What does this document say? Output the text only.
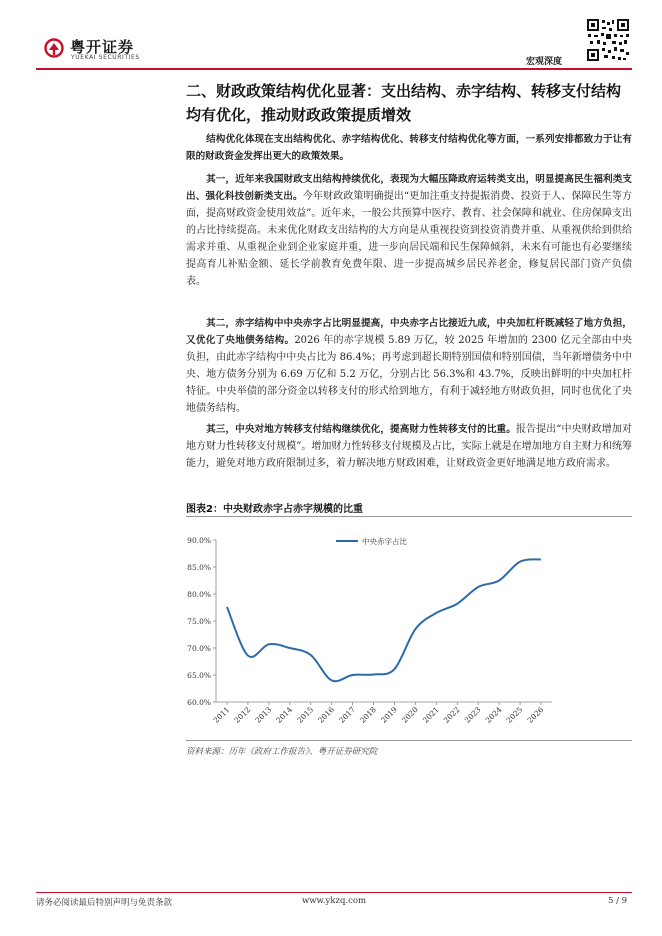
粤开证券
YUEKAI SECURITIES	宏观深度
二、财政政策结构优化显著：支出结构、赤字结构、转移支付结构均有优化，推动财政政策提质增效
结构优化体现在支出结构优化、赤字结构优化、转移支付结构优化等方面，一系列安排都致力于让有限的财政资金发挥出更大的政策效果。
其一，近年来我国财政支出结构持续优化，表现为大幅压降政府运转类支出，明显提高民生福利类支出、强化科技创新类支出。今年财政政策明确提出“更加注重支持提振消费、投资于人、保障民生等方面，提高财政资金使用效益”。近年来，一般公共预算中医疗、教育、社会保障和就业、住房保障支出的占比持续提高。未来优化财政支出结构的大方向是从重视投资到投资消费并重、从重视供给到供给需求并重、从重视企业到企业家庭并重，进一步向居民端和民生保障倾斜，未来有可能也有必要继续提高育儿补贴金额、延长学前教育免费年限、进一步提高城乡居民养老金，修复居民部门资产负债表。
其二，赤字结构中中央赤字占比明显提高，中央赤字占比接近九成，中央加杠杆既减轻了地方负担，又优化了央地债务结构。2026 年的赤字规模 5.89 万亿，较 2025 年增加的 2300 亿元全部由中央负担，由此赤字结构中中央占比为 86.4%；再考虑到超长期特别国债和特别国债，当年新增债务中中央、地方债务分别为 6.69 万亿和 5.2 万亿，分别占比 56.3%和 43.7%，反映出鲜明的中央加杠杆特征。中央举债的部分资金以转移支付的形式给到地方，有利于减轻地方财政负担，同时也优化了央地债务结构。
其三，中央对地方转移支付结构继续优化，提高财力性转移支付的比重。报告提出“中央财政增加对地方财力性转移支付规模”。增加财力性转移支付规模及占比，实际上就是在增加地方自主财力和统筹能力，避免对地方政府限制过多，着力解决地方财政困难，让财政资金更好地满足地方政府需求。
图表2：中央财政赤字占赤字规模的比重
90.0%
85.0%
80.0%
75.0%
70.0%
65.0%
60.0%
2011 2012 2013 2014 2015 2016 2017 2018 2019 2020 2021 2022 2023 2024 2025 2026
中央赤字占比
资料来源：历年《政府工作报告》、粤开证券研究院
请务必阅读最后特别声明与免责条款	www.ykzq.com	5 / 9
